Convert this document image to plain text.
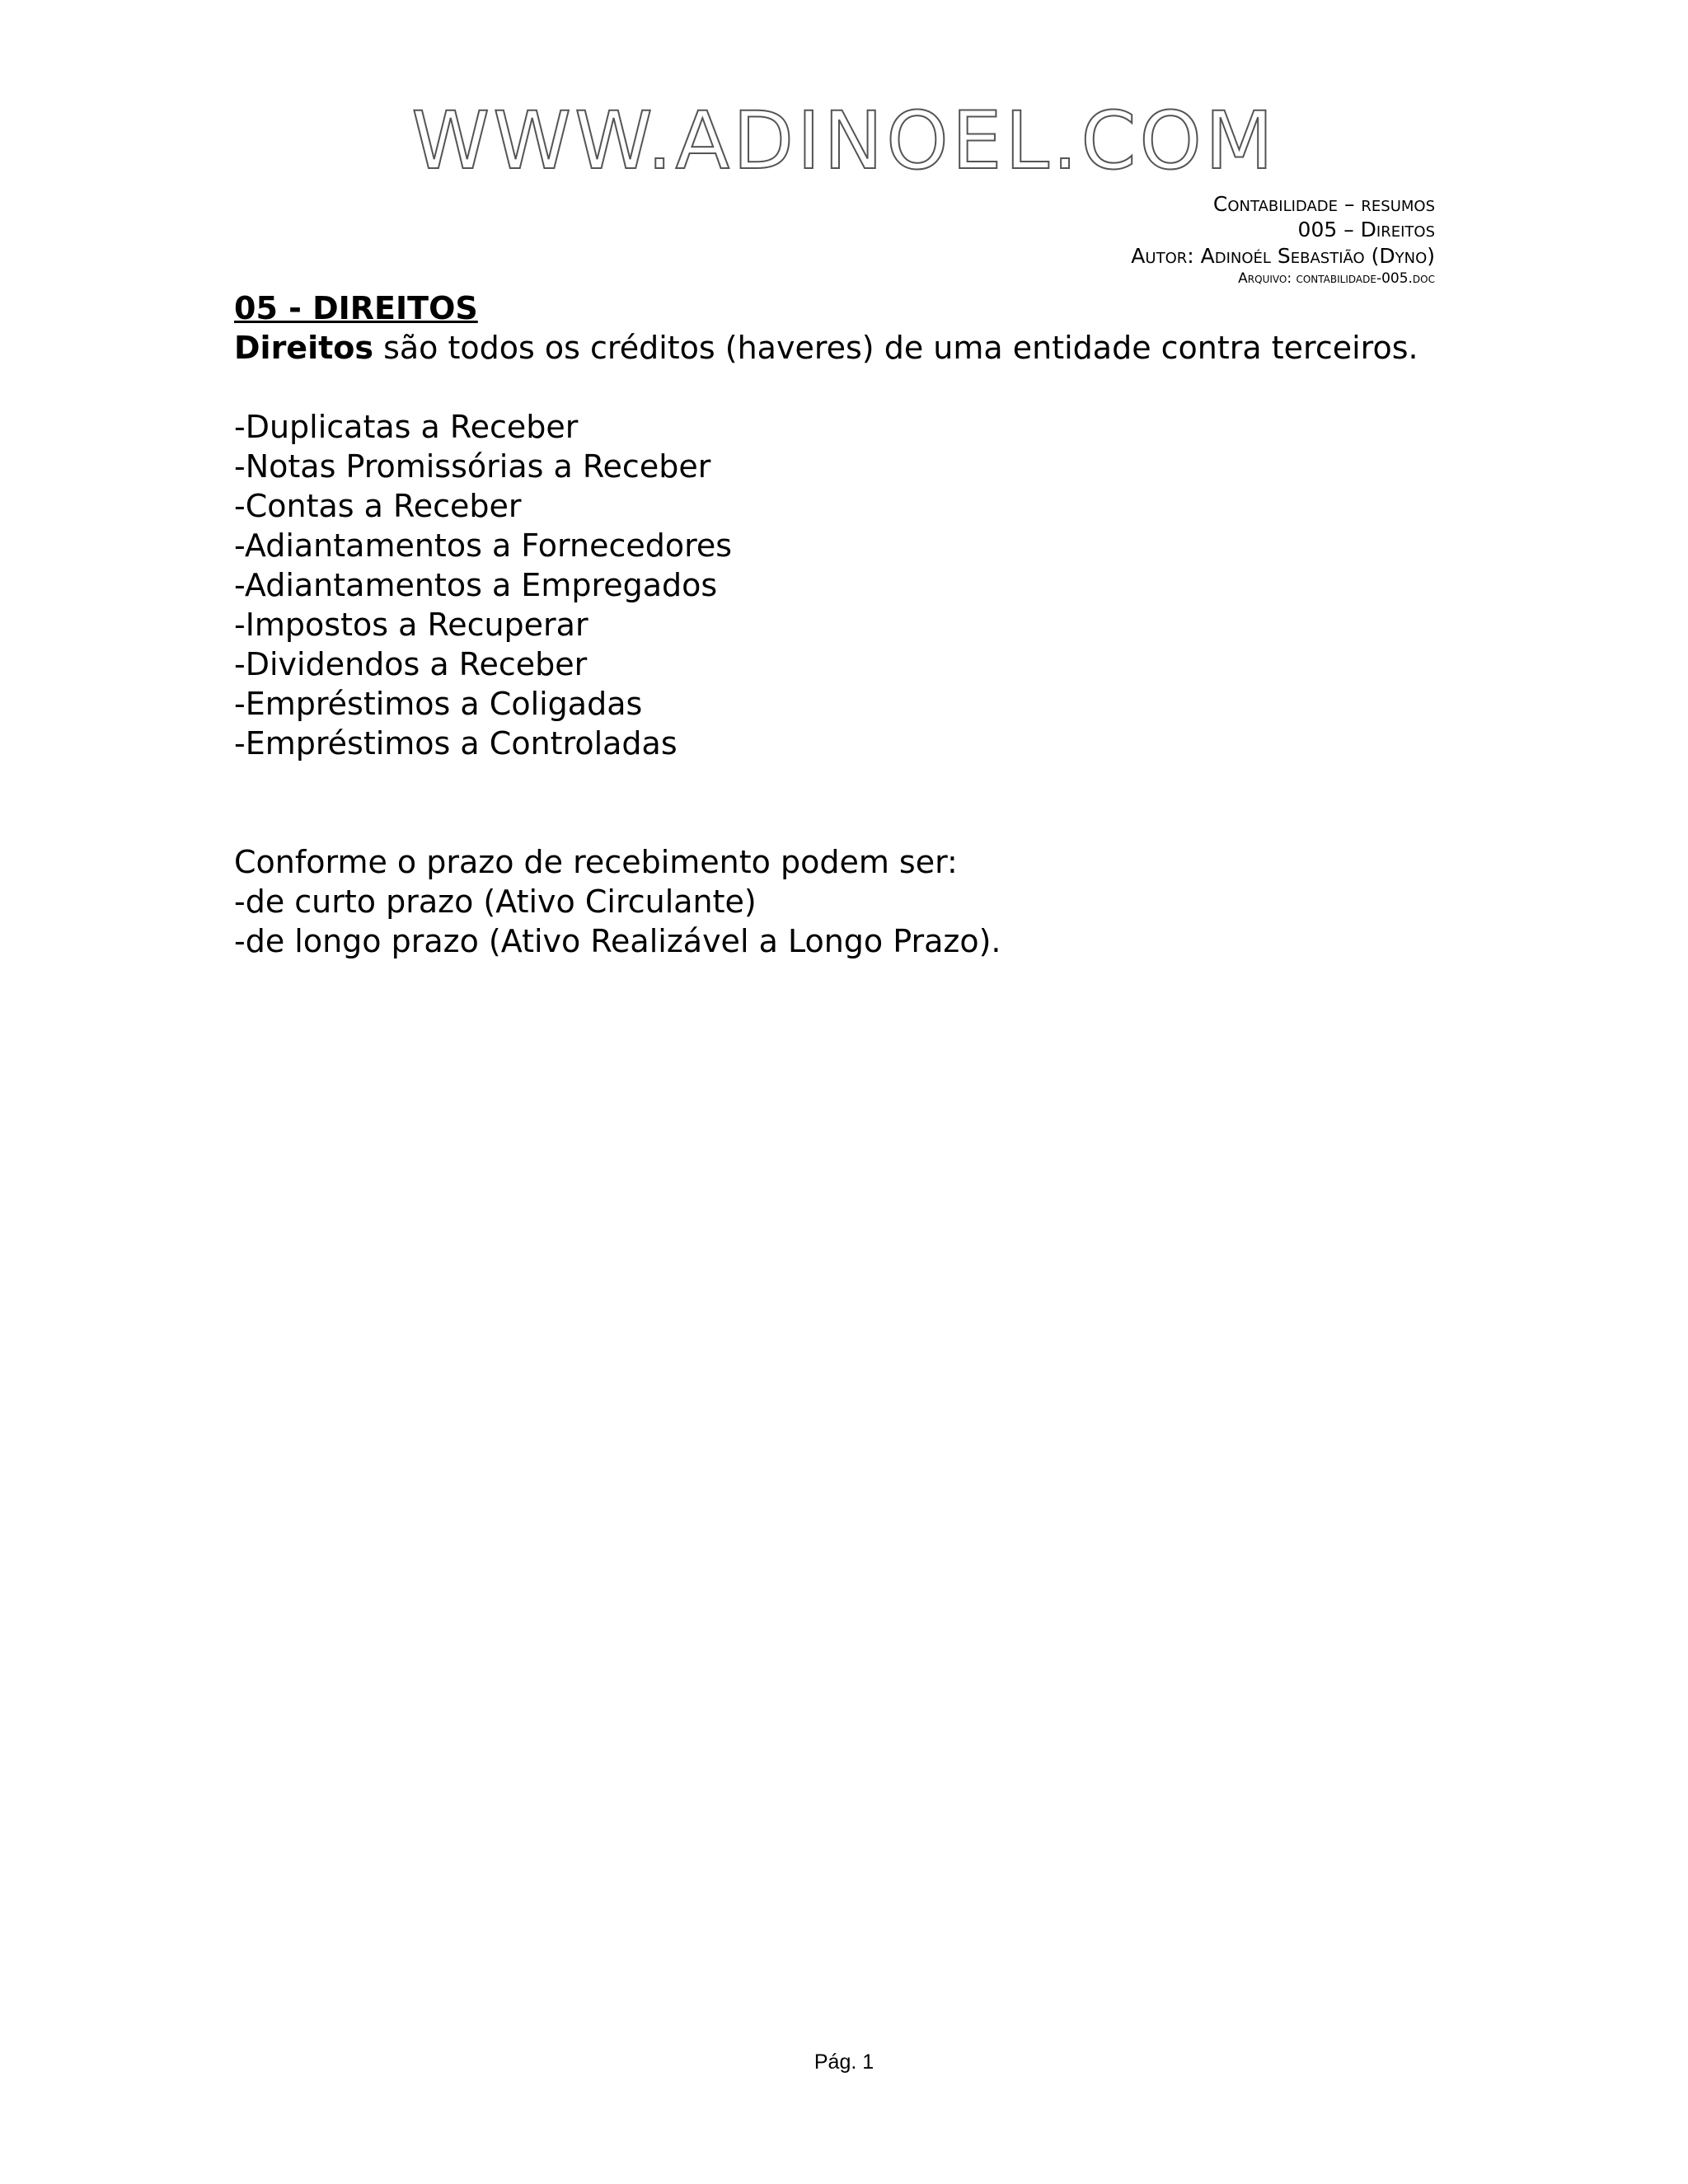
WWW.ADINOEL.COM
Contabilidade – resumos
005 – Direitos
Autor: Adinoél Sebastião (Dyno)
Arquivo: contabilidade-005.doc
05 - DIREITOS

Direitos são todos os créditos (haveres) de uma entidade contra terceiros.

-Duplicatas a Receber
-Notas Promissórias a Receber
-Contas a Receber
-Adiantamentos a Fornecedores
-Adiantamentos a Empregados
-Impostos a Recuperar
-Dividendos a Receber
-Empréstimos a Coligadas
-Empréstimos a Controladas
Conforme o prazo de recebimento podem ser:
-de curto prazo (Ativo Circulante)
-de longo prazo (Ativo Realizável a Longo Prazo).
Pág. 1
